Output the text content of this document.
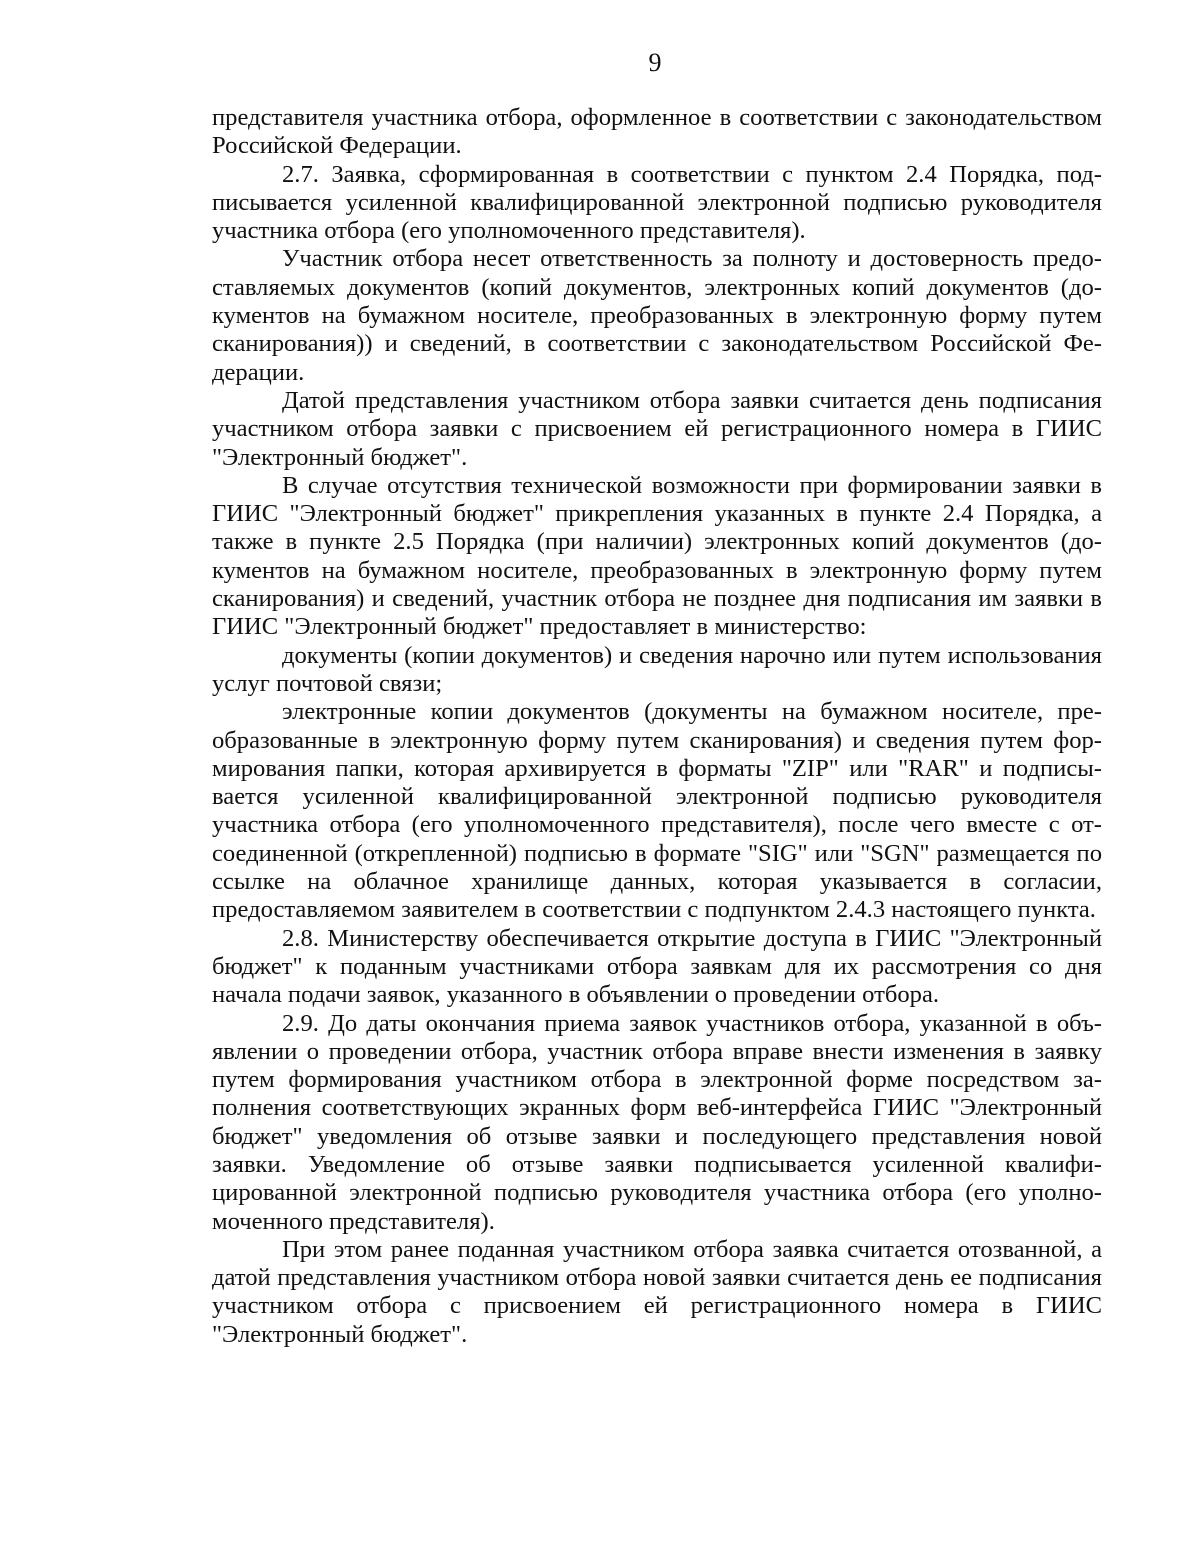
9

представителя участника отбора, оформленное в соответствии с законодательством Российской Федерации.

2.7. Заявка, сформированная в соответствии с пунктом 2.4 Порядка, подписывается усиленной квалифицированной электронной подписью руководителя участника отбора (его уполномоченного представителя).

Участник отбора несет ответственность за полноту и достоверность предоставляемых документов (копий документов, электронных копий документов (документов на бумажном носителе, преобразованных в электронную форму путем сканирования)) и сведений, в соответствии с законодательством Российской Федерации.

Датой представления участником отбора заявки считается день подписания участником отбора заявки с присвоением ей регистрационного номера в ГИИС "Электронный бюджет".

В случае отсутствия технической возможности при формировании заявки в ГИИС "Электронный бюджет" прикрепления указанных в пункте 2.4 Порядка, а также в пункте 2.5 Порядка (при наличии) электронных копий документов (документов на бумажном носителе, преобразованных в электронную форму путем сканирования) и сведений, участник отбора не позднее дня подписания им заявки в ГИИС "Электронный бюджет" предоставляет в министерство:

документы (копии документов) и сведения нарочно или путем использования услуг почтовой связи;

электронные копии документов (документы на бумажном носителе, преобразованные в электронную форму путем сканирования) и сведения путем формирования папки, которая архивируется в форматы "ZIP" или "RAR" и подписывается усиленной квалифицированной электронной подписью руководителя участника отбора (его уполномоченного представителя), после чего вместе с отсоединенной (открепленной) подписью в формате "SIG" или "SGN" размещается по ссылке на облачное хранилище данных, которая указывается в согласии, предоставляемом заявителем в соответствии с подпунктом 2.4.3 настоящего пункта.

2.8. Министерству обеспечивается открытие доступа в ГИИС "Электронный бюджет" к поданным участниками отбора заявкам для их рассмотрения со дня начала подачи заявок, указанного в объявлении о проведении отбора.

2.9. До даты окончания приема заявок участников отбора, указанной в объявлении о проведении отбора, участник отбора вправе внести изменения в заявку путем формирования участником отбора в электронной форме посредством заполнения соответствующих экранных форм веб-интерфейса ГИИС "Электронный бюджет" уведомления об отзыве заявки и последующего представления новой заявки. Уведомление об отзыве заявки подписывается усиленной квалифицированной электронной подписью руководителя участника отбора (его уполномоченного представителя).

При этом ранее поданная участником отбора заявка считается отозванной, а датой представления участником отбора новой заявки считается день ее подписания участником отбора с присвоением ей регистрационного номера в ГИИС "Электронный бюджет".
